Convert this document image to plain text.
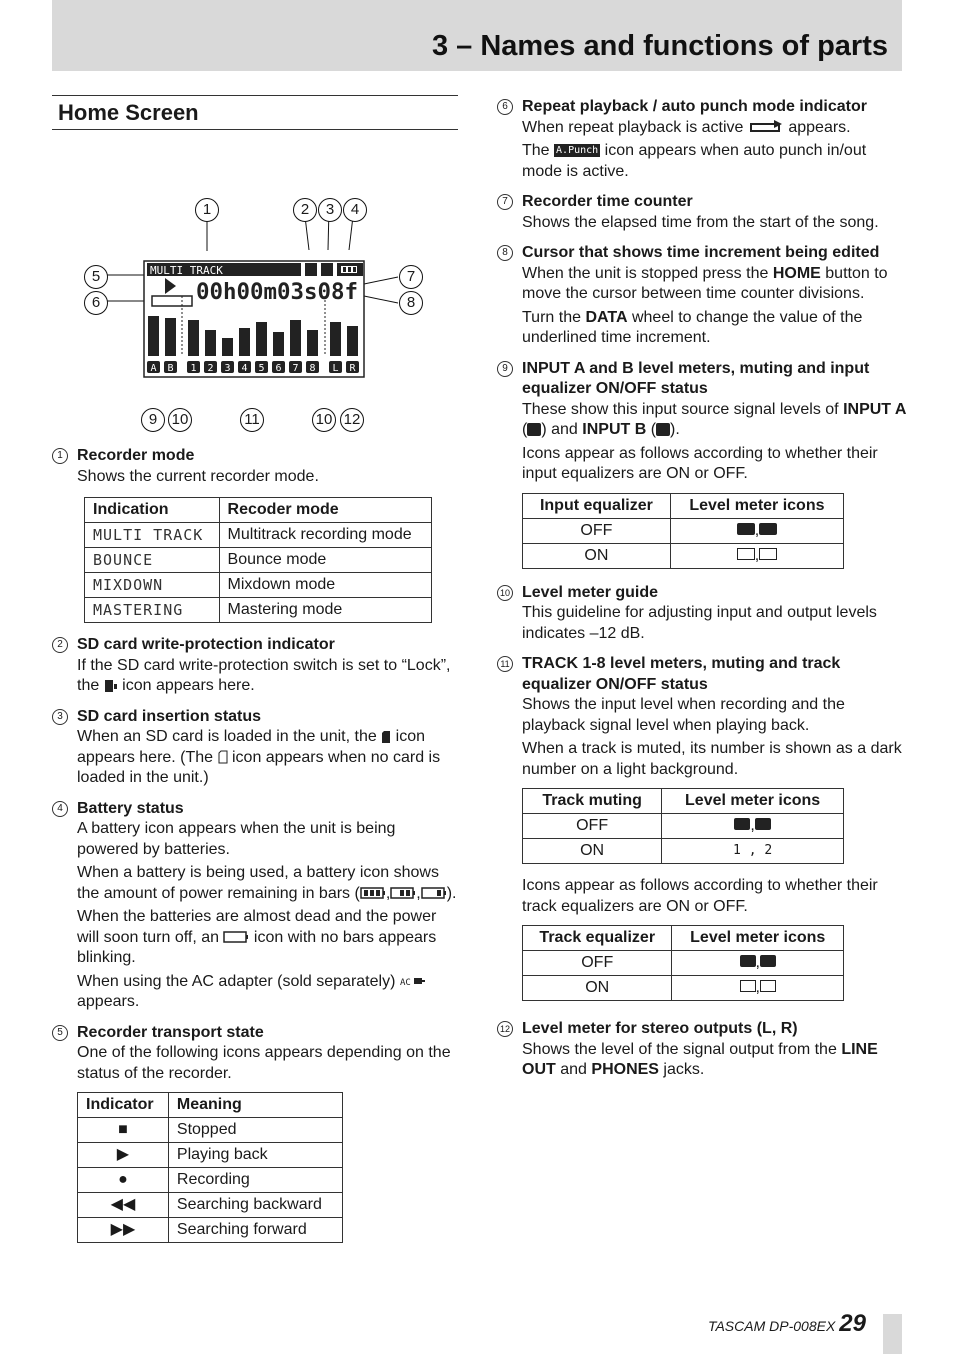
3 – Names and functions of parts
Home Screen
MULTI TRACK
00h00m03s08f
A B 1 2 3 4 5 6 7 8 L R
1	2	3	4
5
6
7
8
9 10	11	10 12
1 Recorder mode

Shows the current recorder mode.

Indication	Recoder mode
MULTI TRACK	Multitrack recording mode
BOUNCE	Bounce mode
MIXDOWN	Mixdown mode
MASTERING	Mastering mode
2 SD card write-protection indicator

If the SD card write-protection switch is set to “Lock”, the icon appears here.

3 SD card insertion status

When an SD card is loaded in the unit, the icon appears here. (The icon appears when no card is loaded in the unit.)

4 Battery status

A battery icon appears when the unit is being powered by batteries.

When a battery is being used, a battery icon shows the amount of power remaining in bars ( , , ).

When the batteries are almost dead and the power will soon turn off, an icon with no bars appears blinking.

When using the AC adapter (sold separately) AC
appears.

5 Recorder transport state

One of the following icons appears depending on the status of the recorder.

Indicator	Meaning
■	Stopped
▶	Playing back
●	Recording
◀◀	Searching backward
▶▶	Searching forward
6 Repeat playback / auto punch mode indicator

When repeat playback is active	appears.

The A.Punch icon appears when auto punch in/out mode is active.

7 Recorder time counter

Shows the elapsed time from the start of the song.

8 Cursor that shows time increment being edited

When the unit is stopped press the HOME button to move the cursor between time counter divisions.

Turn the DATA wheel to change the value of the underlined time increment.

9 INPUT A and B level meters, muting and input equalizer ON/OFF status

These show this input source signal levels of INPUT A ( ) and INPUT B ( ).

Icons appear as follows according to whether their input equalizers are ON or OFF.

Input equalizer	Level meter icons
OFF	,
ON	,
10 Level meter guide

This guideline for adjusting input and output levels indicates –12 dB.

11 TRACK 1-8 level meters, muting and track equalizer ON/OFF status

Shows the input level when recording and the playback signal level when playing back.

When a track is muted, its number is shown as a dark number on a light background.

Track muting	Level meter icons
OFF	,
ON	1 , 2

Icons appear as follows according to whether their track equalizers are ON or OFF.

Track equalizer	Level meter icons
OFF	,
ON	,
12 Level meter for stereo outputs (L, R)

Shows the level of the signal output from the LINE OUT and PHONES jacks.

TASCAM DP-008EX 29
